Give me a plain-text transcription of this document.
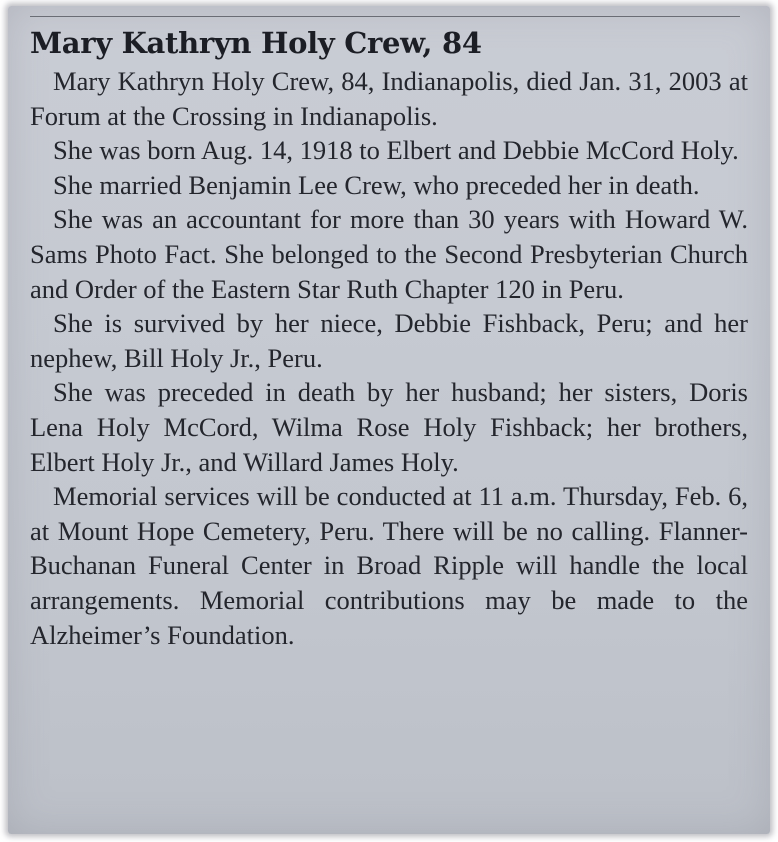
Mary Kathryn Holy Crew, 84

Mary Kathryn Holy Crew, 84, Indianapolis, died Jan. 31, 2003 at Forum at the Crossing in Indianapolis.

She was born Aug. 14, 1918 to Elbert and Debbie McCord Holy.

She married Benjamin Lee Crew, who preceded her in death.

She was an accountant for more than 30 years with Howard W. Sams Photo Fact. She belonged to the Second Presbyterian Church and Order of the Eastern Star Ruth Chapter 120 in Peru.

She is survived by her niece, Debbie Fishback, Peru; and her nephew, Bill Holy Jr., Peru.

She was preceded in death by her husband; her sisters, Doris Lena Holy McCord, Wilma Rose Holy Fishback; her brothers, Elbert Holy Jr., and Willard James Holy.

Memorial services will be conducted at 11 a.m. Thursday, Feb. 6, at Mount Hope Cemetery, Peru. There will be no calling. Flanner-Buchanan Funeral Center in Broad Ripple will handle the local arrangements. Memorial contributions may be made to the Alzheimer’s Foundation.
